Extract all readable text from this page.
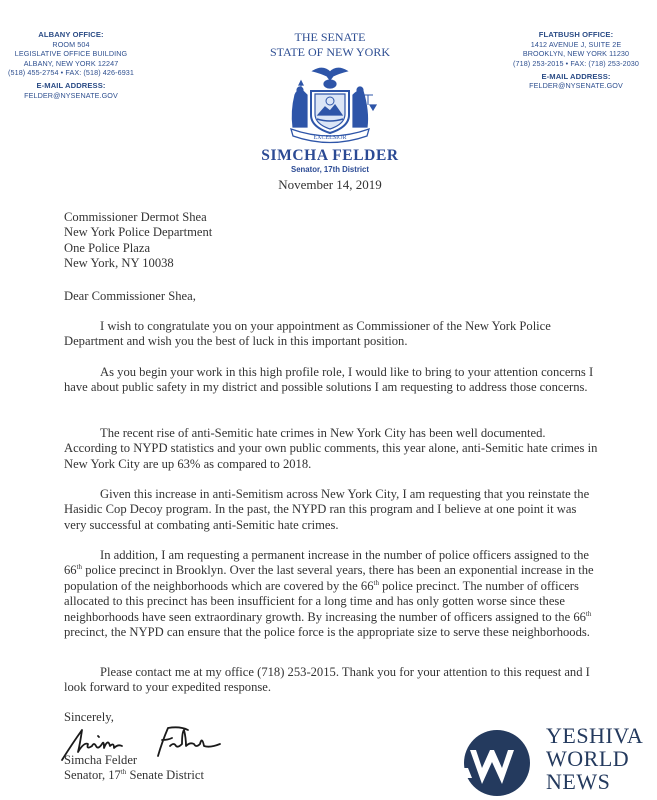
ALBANY OFFICE:
ROOM 504
LEGISLATIVE OFFICE BUILDING
ALBANY, NEW YORK 12247
(518) 455-2754 • FAX: (518) 426-6931
E-MAIL ADDRESS:
FELDER@NYSENATE.GOV
THE SENATE
STATE OF NEW YORK
EXCELSIOR
SIMCHA FELDER
Senator, 17th District
November 14, 2019
FLATBUSH OFFICE:
1412 AVENUE J, SUITE 2E
BROOKLYN, NEW YORK 11230
(718) 253-2015 • FAX: (718) 253-2030
E-MAIL ADDRESS:
FELDER@NYSENATE.GOV
Commissioner Dermot Shea
New York Police Department
One Police Plaza
New York, NY 10038
Dear Commissioner Shea,

I wish to congratulate you on your appointment as Commissioner of the New York Police Department and wish you the best of luck in this important position.

As you begin your work in this high profile role, I would like to bring to your attention concerns I have about public safety in my district and possible solutions I am requesting to address those concerns.

The recent rise of anti-Semitic hate crimes in New York City has been well documented. According to NYPD statistics and your own public comments, this year alone, anti-Semitic hate crimes in New York City are up 63% as compared to 2018.

Given this increase in anti-Semitism across New York City, I am requesting that you reinstate the Hasidic Cop Decoy program. In the past, the NYPD ran this program and I believe at one point it was very successful at combating anti-Semitic hate crimes.

In addition, I am requesting a permanent increase in the number of police officers assigned to the 66th police precinct in Brooklyn. Over the last several years, there has been an exponential increase in the population of the neighborhoods which are covered by the 66th police precinct. The number of officers allocated to this precinct has been insufficient for a long time and has only gotten worse since these neighborhoods have seen extraordinary growth. By increasing the number of officers assigned to the 66th precinct, the NYPD can ensure that the police force is the appropriate size to serve these neighborhoods.

Please contact me at my office (718) 253-2015. Thank you for your attention to this request and I look forward to your expedited response.

Sincerely,
Simcha Felder
Senator, 17th Senate District
YESHIVA
WORLD
NEWS
